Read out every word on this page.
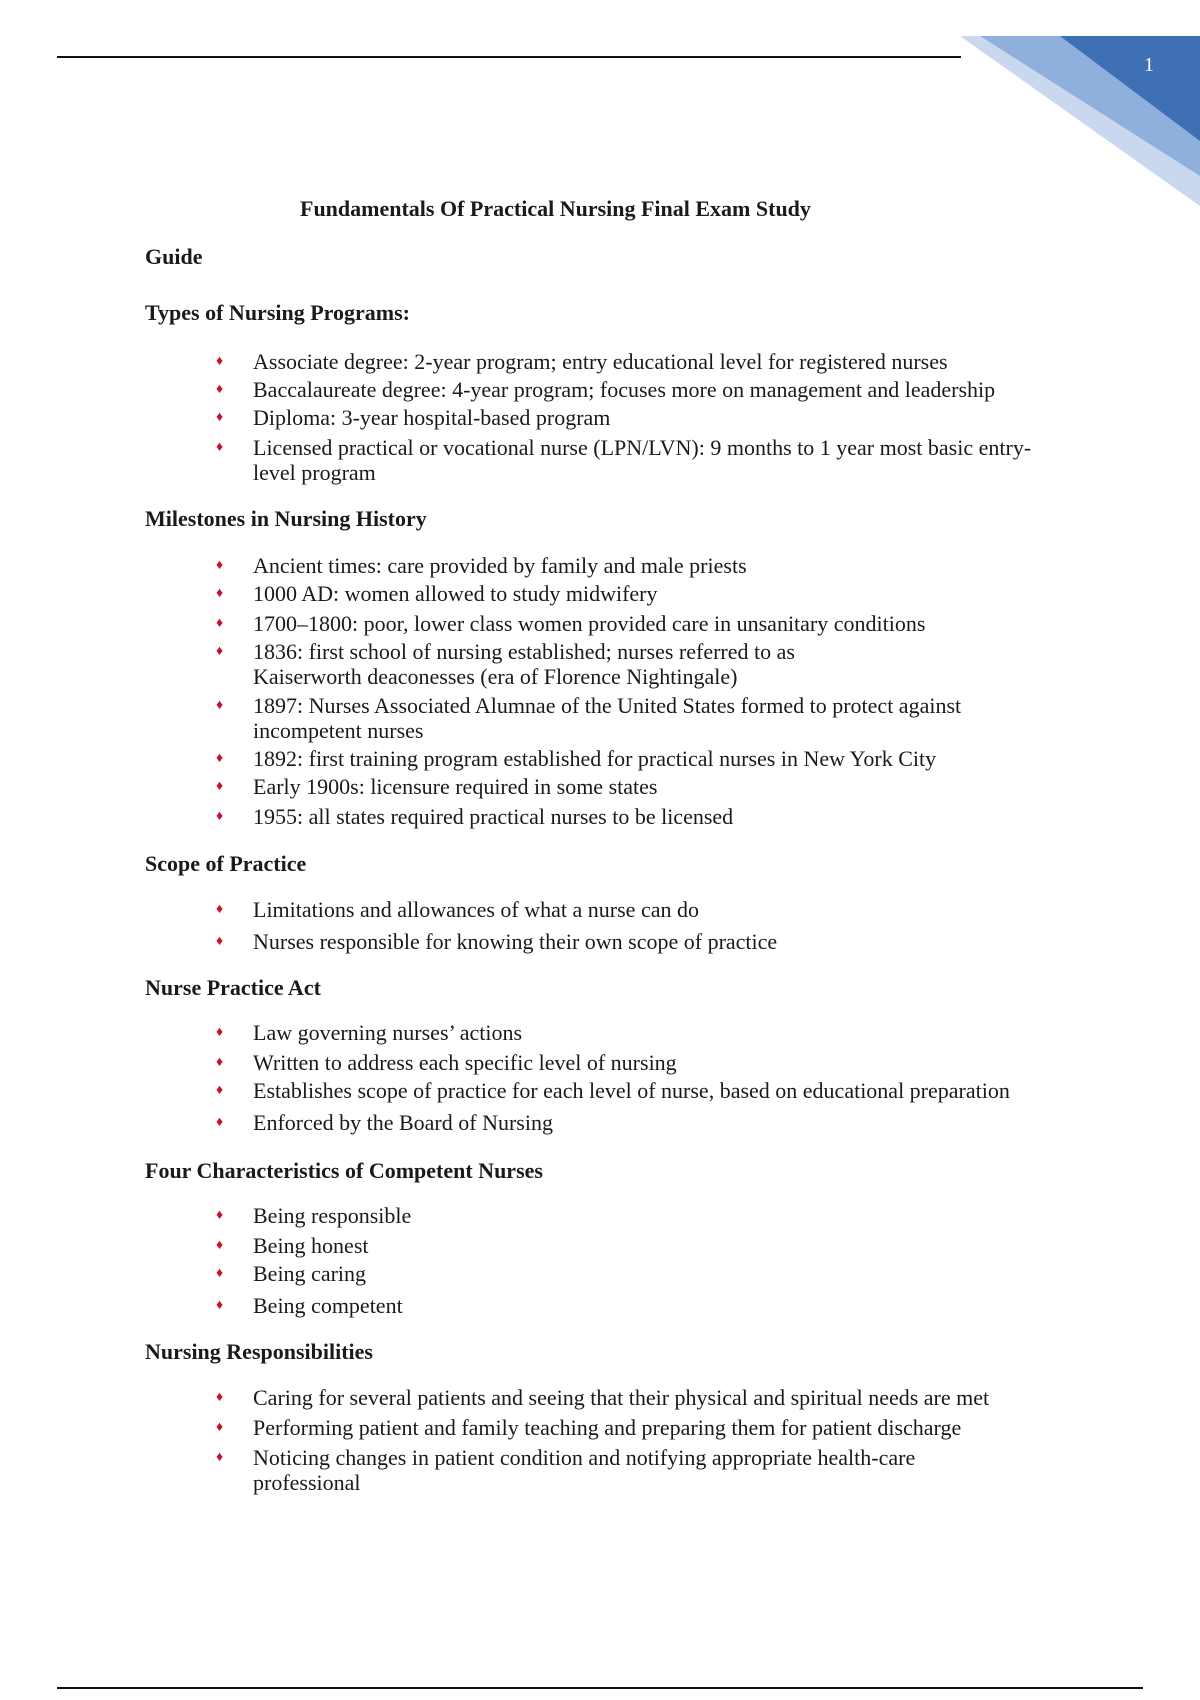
1
Fundamentals Of Practical Nursing Final Exam Study
Guide
Types of Nursing Programs:
♦ Associate degree: 2-year program; entry educational level for registered nurses
♦ Baccalaureate degree: 4-year program; focuses more on management and leadership
♦ Diploma: 3-year hospital-based program
♦ Licensed practical or vocational nurse (LPN/LVN): 9 months to 1 year most basic entry-level program
Milestones in Nursing History
♦ Ancient times: care provided by family and male priests
♦ 1000 AD: women allowed to study midwifery
♦ 1700–1800: poor, lower class women provided care in unsanitary conditions
♦ 1836: first school of nursing established; nurses referred to as Kaiserworth deaconesses (era of Florence Nightingale)
♦ 1897: Nurses Associated Alumnae of the United States formed to protect against incompetent nurses
♦ 1892: first training program established for practical nurses in New York City
♦ Early 1900s: licensure required in some states
♦ 1955: all states required practical nurses to be licensed
Scope of Practice
♦ Limitations and allowances of what a nurse can do
♦ Nurses responsible for knowing their own scope of practice
Nurse Practice Act
♦ Law governing nurses’ actions
♦ Written to address each specific level of nursing
♦ Establishes scope of practice for each level of nurse, based on educational preparation
♦ Enforced by the Board of Nursing
Four Characteristics of Competent Nurses
♦ Being responsible
♦ Being honest
♦ Being caring
♦ Being competent
Nursing Responsibilities
♦ Caring for several patients and seeing that their physical and spiritual needs are met
♦ Performing patient and family teaching and preparing them for patient discharge
♦ Noticing changes in patient condition and notifying appropriate health-care professional
